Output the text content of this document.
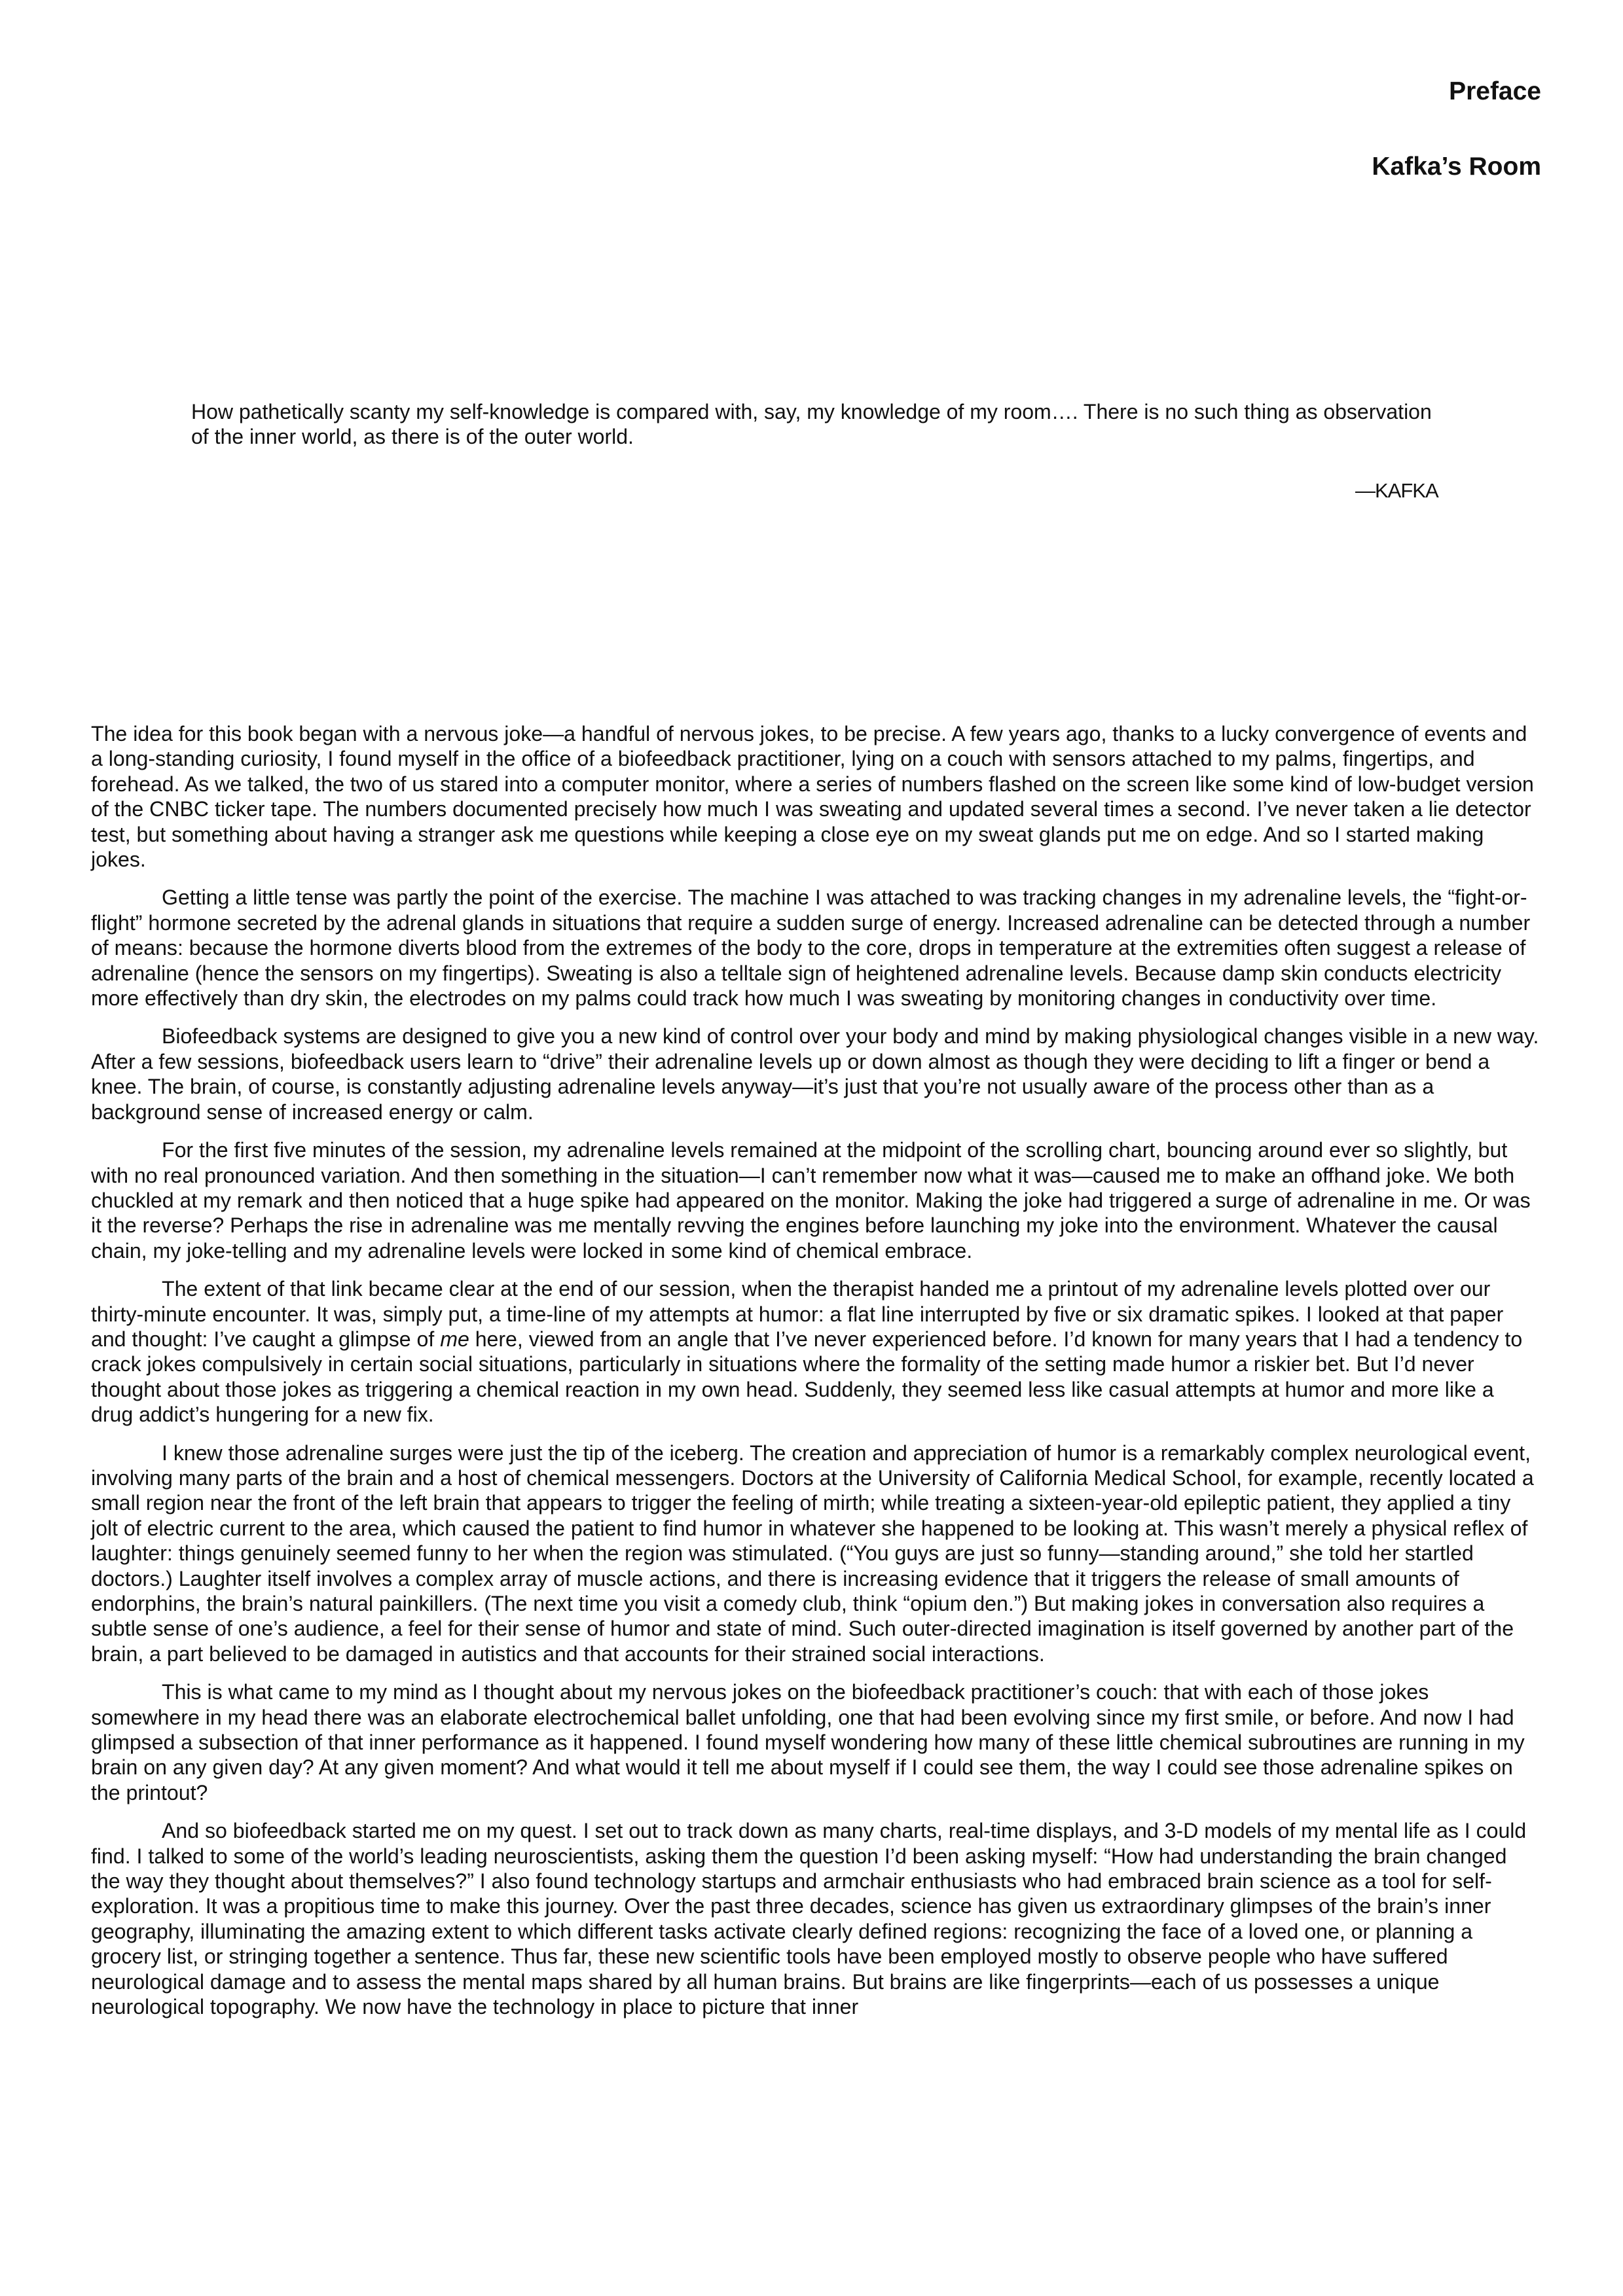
Preface
Kafka’s Room

How pathetically scanty my self-knowledge is compared with, say, my knowledge of my room…. There is no such thing as observation of the inner world, as there is of the outer world.

—KAFKA

The idea for this book began with a nervous joke—a handful of nervous jokes, to be precise. A few years ago, thanks to a lucky convergence of events and a long-standing curiosity, I found myself in the office of a biofeedback practitioner, lying on a couch with sensors attached to my palms, fingertips, and forehead. As we talked, the two of us stared into a computer monitor, where a series of numbers flashed on the screen like some kind of low-budget version of the CNBC ticker tape. The numbers documented precisely how much I was sweating and updated several times a second. I’ve never taken a lie detector test, but something about having a stranger ask me questions while keeping a close eye on my sweat glands put me on edge. And so I started making jokes.

Getting a little tense was partly the point of the exercise. The machine I was attached to was tracking changes in my adrenaline levels, the “fight-or-flight” hormone secreted by the adrenal glands in situations that require a sudden surge of energy. Increased adrenaline can be detected through a number of means: because the hormone diverts blood from the extremes of the body to the core, drops in temperature at the extremities often suggest a release of adrenaline (hence the sensors on my fingertips). Sweating is also a telltale sign of heightened adrenaline levels. Because damp skin conducts electricity more effectively than dry skin, the electrodes on my palms could track how much I was sweating by monitoring changes in conductivity over time.

Biofeedback systems are designed to give you a new kind of control over your body and mind by making physiological changes visible in a new way. After a few sessions, biofeedback users learn to “drive” their adrenaline levels up or down almost as though they were deciding to lift a finger or bend a knee. The brain, of course, is constantly adjusting adrenaline levels anyway—it’s just that you’re not usually aware of the process other than as a background sense of increased energy or calm.

For the first five minutes of the session, my adrenaline levels remained at the midpoint of the scrolling chart, bouncing around ever so slightly, but with no real pronounced variation. And then something in the situation—I can’t remember now what it was—caused me to make an offhand joke. We both chuckled at my remark and then noticed that a huge spike had appeared on the monitor. Making the joke had triggered a surge of adrenaline in me. Or was it the reverse? Perhaps the rise in adrenaline was me mentally revving the engines before launching my joke into the environment. Whatever the causal chain, my joke-telling and my adrenaline levels were locked in some kind of chemical embrace.

The extent of that link became clear at the end of our session, when the therapist handed me a printout of my adrenaline levels plotted over our thirty-minute encounter. It was, simply put, a time-line of my attempts at humor: a flat line interrupted by five or six dramatic spikes. I looked at that paper and thought: I’ve caught a glimpse of me here, viewed from an angle that I’ve never experienced before. I’d known for many years that I had a tendency to crack jokes compulsively in certain social situations, particularly in situations where the formality of the setting made humor a riskier bet. But I’d never thought about those jokes as triggering a chemical reaction in my own head. Suddenly, they seemed less like casual attempts at humor and more like a drug addict’s hungering for a new fix.

I knew those adrenaline surges were just the tip of the iceberg. The creation and appreciation of humor is a remarkably complex neurological event, involving many parts of the brain and a host of chemical messengers. Doctors at the University of California Medical School, for example, recently located a small region near the front of the left brain that appears to trigger the feeling of mirth; while treating a sixteen-year-old epileptic patient, they applied a tiny jolt of electric current to the area, which caused the patient to find humor in whatever she happened to be looking at. This wasn’t merely a physical reflex of laughter: things genuinely seemed funny to her when the region was stimulated. (“You guys are just so funny—standing around,” she told her startled doctors.) Laughter itself involves a complex array of muscle actions, and there is increasing evidence that it triggers the release of small amounts of endorphins, the brain’s natural painkillers. (The next time you visit a comedy club, think “opium den.”) But making jokes in conversation also requires a subtle sense of one’s audience, a feel for their sense of humor and state of mind. Such outer-directed imagination is itself governed by another part of the brain, a part believed to be damaged in autistics and that accounts for their strained social interactions.

This is what came to my mind as I thought about my nervous jokes on the biofeedback practitioner’s couch: that with each of those jokes somewhere in my head there was an elaborate electrochemical ballet unfolding, one that had been evolving since my first smile, or before. And now I had glimpsed a subsection of that inner performance as it happened. I found myself wondering how many of these little chemical subroutines are running in my brain on any given day? At any given moment? And what would it tell me about myself if I could see them, the way I could see those adrenaline spikes on the printout?

And so biofeedback started me on my quest. I set out to track down as many charts, real-time displays, and 3-D models of my mental life as I could find. I talked to some of the world’s leading neuroscientists, asking them the question I’d been asking myself: “How had understanding the brain changed the way they thought about themselves?” I also found technology startups and armchair enthusiasts who had embraced brain science as a tool for self-exploration. It was a propitious time to make this journey. Over the past three decades, science has given us extraordinary glimpses of the brain’s inner geography, illuminating the amazing extent to which different tasks activate clearly defined regions: recognizing the face of a loved one, or planning a grocery list, or stringing together a sentence. Thus far, these new scientific tools have been employed mostly to observe people who have suffered neurological damage and to assess the mental maps shared by all human brains. But brains are like fingerprints—each of us possesses a unique neurological topography. We now have the technology in place to picture that inner
